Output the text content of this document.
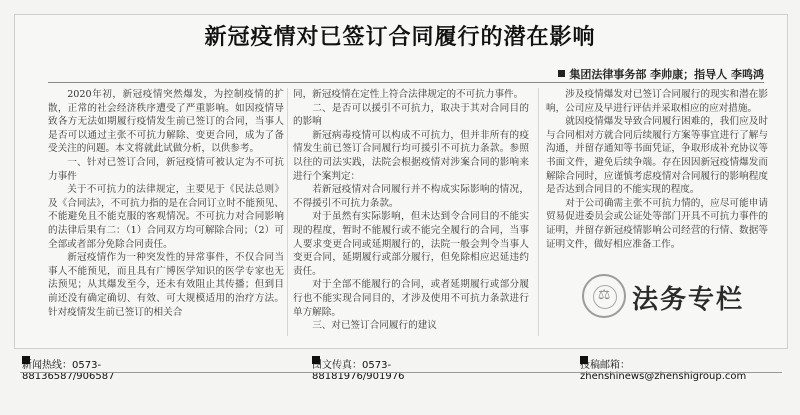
新冠疫情对已签订合同履行的潜在影响
集团法律事务部 李帅康；指导人 李鸣鸿

2020年初，新冠疫情突然爆发，为控制疫情的扩散，正常的社会经济秩序遭受了严重影响。如因疫情导致各方无法如期履行疫情发生前已签订的合同，当事人是否可以通过主张不可抗力解除、变更合同，成为了备受关注的问题。本文将就此试做分析，以供参考。

一、针对已签订合同，新冠疫情可被认定为不可抗力事件

关于不可抗力的法律规定，主要见于《民法总则》及《合同法》，不可抗力指的是在合同订立时不能预见、不能避免且不能克服的客观情况。不可抗力对合同影响的法律后果有二：（1）合同双方均可解除合同；（2）可全部或者部分免除合同责任。

新冠疫情作为一种突发性的异常事件，不仅合同当事人不能预见，而且具有广博医学知识的医学专家也无法预见；从其爆发至今，还未有效阻止其传播；但到目前还没有确定确切、有效、可大规模适用的治疗方法。针对疫情发生前已签订的相关合

同，新冠疫情在定性上符合法律规定的不可抗力事件。

二、是否可以援引不可抗力，取决于其对合同目的的影响

新冠病毒疫情可以构成不可抗力，但并非所有的疫情发生前已签订合同履行均可援引不可抗力条款。参照以往的司法实践，法院会根据疫情对涉案合同的影响来进行个案判定：

若新冠疫情对合同履行并不构成实际影响的情况，不得援引不可抗力条款。

对于虽然有实际影响，但未达到令合同目的不能实现的程度，暂时不能履行或不能完全履行的合同，当事人要求变更合同或延期履行的，法院一般会判令当事人变更合同，延期履行或部分履行，但免除相应迟延违约责任。

对于全部不能履行的合同，或者延期履行或部分履行也不能实现合同目的，才涉及使用不可抗力条款进行单方解除。

三、对已签订合同履行的建议

涉及疫情爆发对已签订合同履行的现实和潜在影响，公司应及早进行评估并采取相应的应对措施。

就因疫情爆发导致合同履行困难的，我们应及时与合同相对方就合同后续履行方案等事宜进行了解与沟通，并留存通知等书面凭证，争取形成补充协议等书面文件，避免后续争端。存在因因新冠疫情爆发而解除合同时，应谨慎考虑疫情对合同履行的影响程度是否达到合同目的不能实现的程度。

对于公司确需主张不可抗力情的，应尽可能申请贸易促进委员会或公证处等部门开具不可抗力事件的证明，并留存新冠疫情影响公司经营的行情、数据等证明文件，做好相应准备工作。

⚖ 法务专栏
新闻热线：0573-88136587/906587
图文传真：0573-88181976/901976
投稿邮箱：zhenshinews@zhenshigroup.com
